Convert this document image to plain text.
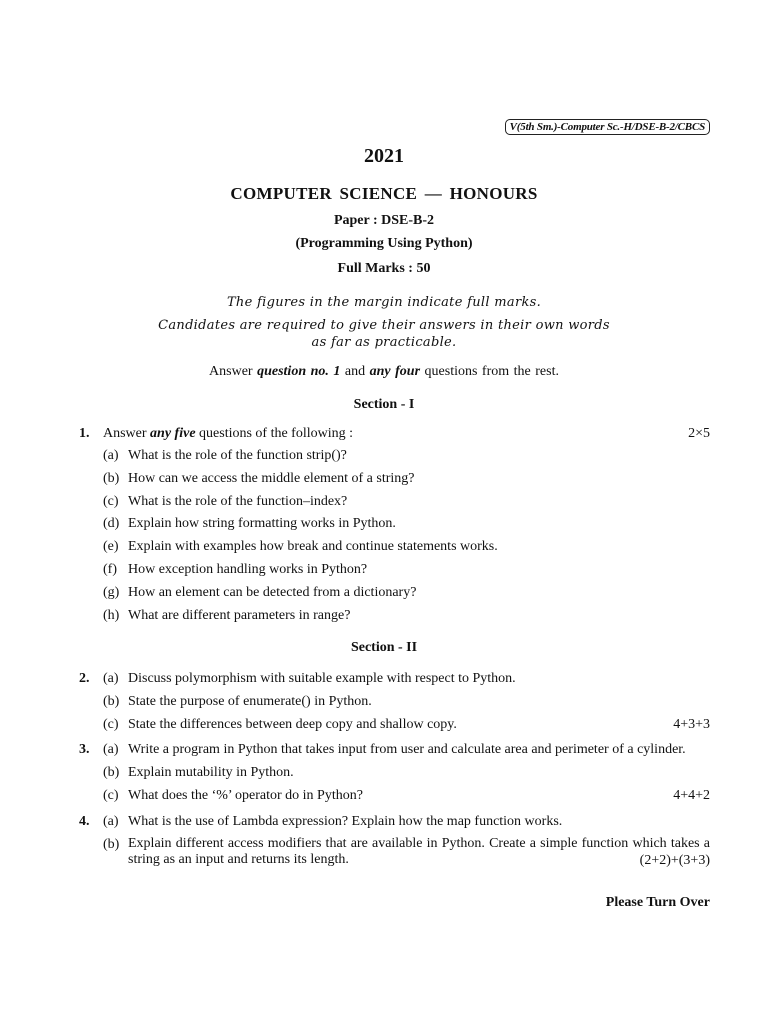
V(5th Sm.)-Computer Sc.-H/DSE-B-2/CBCS
2021
COMPUTER SCIENCE — HONOURS
Paper : DSE-B-2
(Programming Using Python)
Full Marks : 50
The figures in the margin indicate full marks.
Candidates are required to give their answers in their own words
as far as practicable.
Answer question no. 1 and any four questions from the rest.
Section - I
1. Answer any five questions of the following :	2×5
(a) What is the role of the function strip()?
(b) How can we access the middle element of a string?
(c) What is the role of the function–index?
(d) Explain how string formatting works in Python.
(e) Explain with examples how break and continue statements works.
(f) How exception handling works in Python?
(g) How an element can be detected from a dictionary?
(h) What are different parameters in range?
Section - II
2. (a) Discuss polymorphism with suitable example with respect to Python.
(b) State the purpose of enumerate() in Python.
(c) State the differences between deep copy and shallow copy.	4+3+3
3. (a) Write a program in Python that takes input from user and calculate area and perimeter of a cylinder.
(b) Explain mutability in Python.
(c) What does the ‘%’ operator do in Python?	4+4+2
4. (a) What is the use of Lambda expression? Explain how the map function works.
(b) Explain different access modifiers that are available in Python. Create a simple function which takes a string as an input and returns its length.	(2+2)+(3+3)
Please Turn Over
